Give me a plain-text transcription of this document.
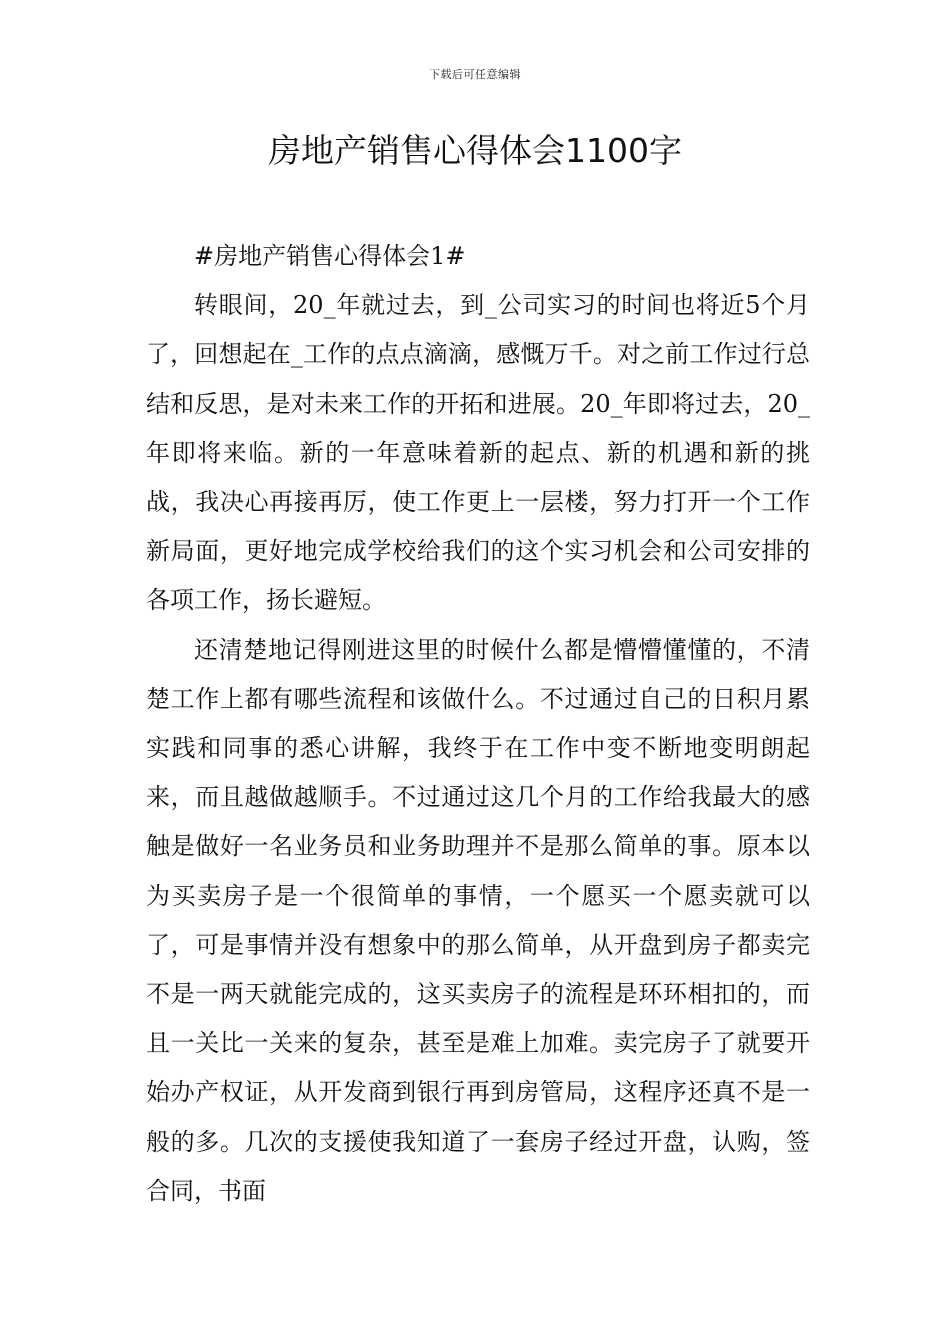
下载后可任意编辑
房地产销售心得体会1100字

#房地产销售心得体会1#

转眼间，20_年就过去，到_公司实习的时间也将近5个月了，回想起在_工作的点点滴滴，感慨万千。对之前工作过行总结和反思，是对未来工作的开拓和进展。20_年即将过去，20_年即将来临。新的一年意味着新的起点、新的机遇和新的挑战，我决心再接再厉，使工作更上一层楼，努力打开一个工作新局面，更好地完成学校给我们的这个实习机会和公司安排的各项工作，扬长避短。

还清楚地记得刚进这里的时候什么都是懵懵懂懂的，不清楚工作上都有哪些流程和该做什么。不过通过自己的日积月累实践和同事的悉心讲解，我终于在工作中变不断地变明朗起来，而且越做越顺手。不过通过这几个月的工作给我最大的感触是做好一名业务员和业务助理并不是那么简单的事。原本以为买卖房子是一个很简单的事情，一个愿买一个愿卖就可以了，可是事情并没有想象中的那么简单，从开盘到房子都卖完不是一两天就能完成的，这买卖房子的流程是环环相扣的，而且一关比一关来的复杂，甚至是难上加难。卖完房子了就要开始办产权证，从开发商到银行再到房管局，这程序还真不是一般的多。几次的支援使我知道了一套房子经过开盘，认购，签合同，书面
